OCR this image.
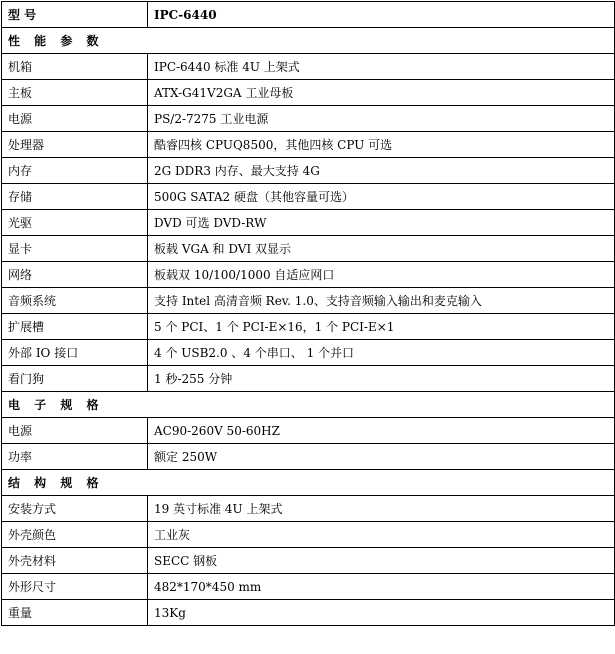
型 号	IPC-6440
性 能 参 数	
机箱	IPC-6440 标准 4U 上架式
主板	ATX-G41V2GA 工业母板
电源	PS/2-7275 工业电源
处理器	酷睿四核 CPUQ8500，其他四核 CPU 可选
内存	2G DDR3 内存、最大支持 4G
存储	500G SATA2 硬盘（其他容量可选）
光驱	DVD 可选 DVD-RW
显卡	板载 VGA 和 DVI 双显示
网络	板载双 10/100/1000 自适应网口
音频系统	支持 Intel 高清音频 Rev. 1.0、支持音频输入输出和麦克输入
扩展槽	5 个 PCI、1 个 PCI-E×16，1 个 PCI-E×1
外部 IO 接口	4 个 USB2.0 、4 个串口、 1 个并口
看门狗	1 秒-255 分钟
电 子 规 格	
电源	AC90-260V 50-60HZ
功率	额定 250W
结 构 规 格	
安装方式	19 英寸标准 4U 上架式
外壳颜色	工业灰
外壳材料	SECC 钢板
外形尺寸	482*170*450 mm
重量	13Kg
